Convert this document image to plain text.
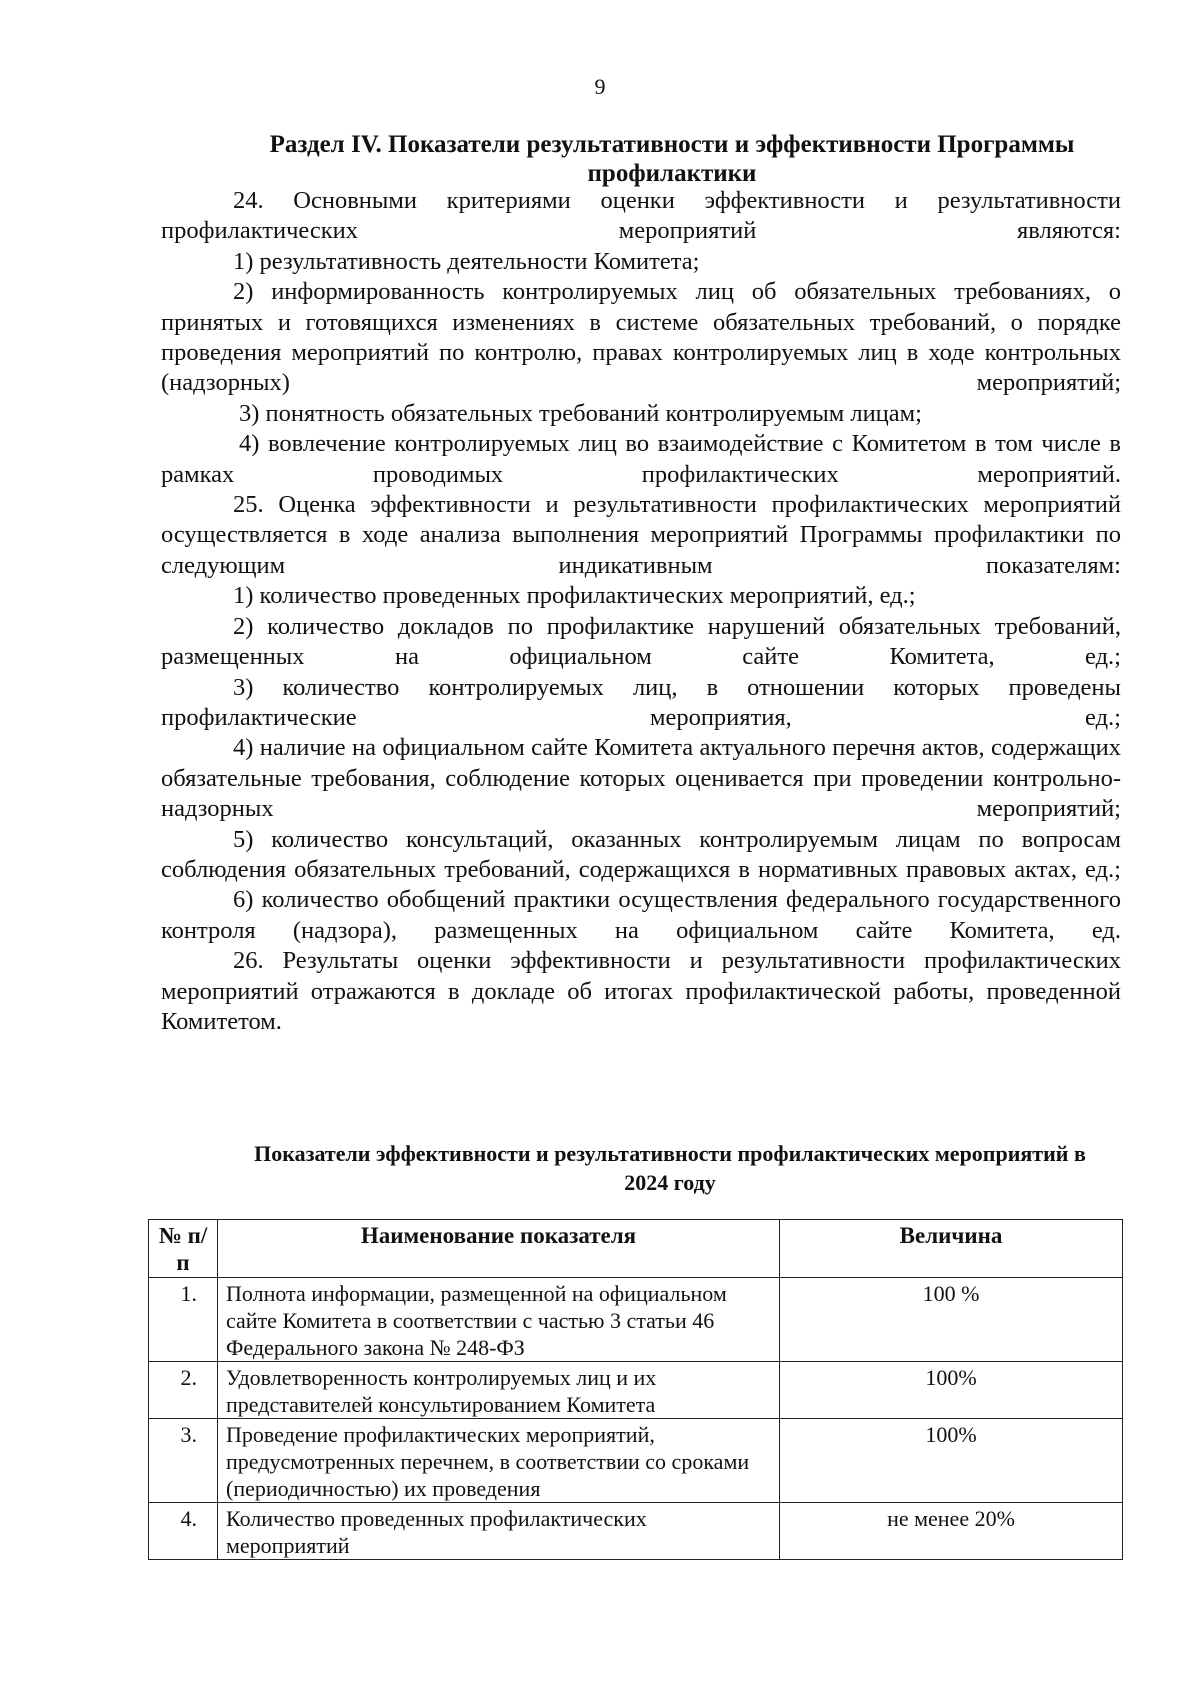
9
Раздел IV. Показатели результативности и эффективности Программы профилактики

24. Основными критериями оценки эффективности и результативности профилактических мероприятий являются:

1) результативность деятельности Комитета;

2) информированность контролируемых лиц об обязательных требованиях, о принятых и готовящихся изменениях в системе обязательных требований, о порядке проведения мероприятий по контролю, правах контролируемых лиц в ходе контрольных (надзорных) мероприятий;

3) понятность обязательных требований контролируемым лицам;

4) вовлечение контролируемых лиц во взаимодействие с Комитетом в том числе в рамках проводимых профилактических мероприятий.

25. Оценка эффективности и результативности профилактических мероприятий осуществляется в ходе анализа выполнения мероприятий Программы профилактики по следующим индикативным показателям:

1) количество проведенных профилактических мероприятий, ед.;

2) количество докладов по профилактике нарушений обязательных требований, размещенных на официальном сайте Комитета, ед.;

3) количество контролируемых лиц, в отношении которых проведены профилактические мероприятия, ед.;

4) наличие на официальном сайте Комитета актуального перечня актов, содержащих обязательные требования, соблюдение которых оценивается при проведении контрольно-надзорных мероприятий;

5) количество консультаций, оказанных контролируемым лицам по вопросам соблюдения обязательных требований, содержащихся в нормативных правовых актах, ед.;

6) количество обобщений практики осуществления федерального государственного контроля (надзора), размещенных на официальном сайте Комитета, ед.

26. Результаты оценки эффективности и результативности профилактических мероприятий отражаются в докладе об итогах профилактической работы, проведенной Комитетом.

Показатели эффективности и результативности профилактических мероприятий в 2024 году
№ п/п	Наименование показателя	Величина
1.	Полнота информации, размещенной на официальном сайте Комитета в соответствии с частью 3 статьи 46 Федерального закона № 248-ФЗ	100 %
2.	Удовлетворенность контролируемых лиц и их представителей консультированием Комитета	100%
3.	Проведение профилактических мероприятий, предусмотренных перечнем, в соответствии со сроками (периодичностью) их проведения	100%
4.	Количество проведенных профилактических мероприятий	не менее 20%
